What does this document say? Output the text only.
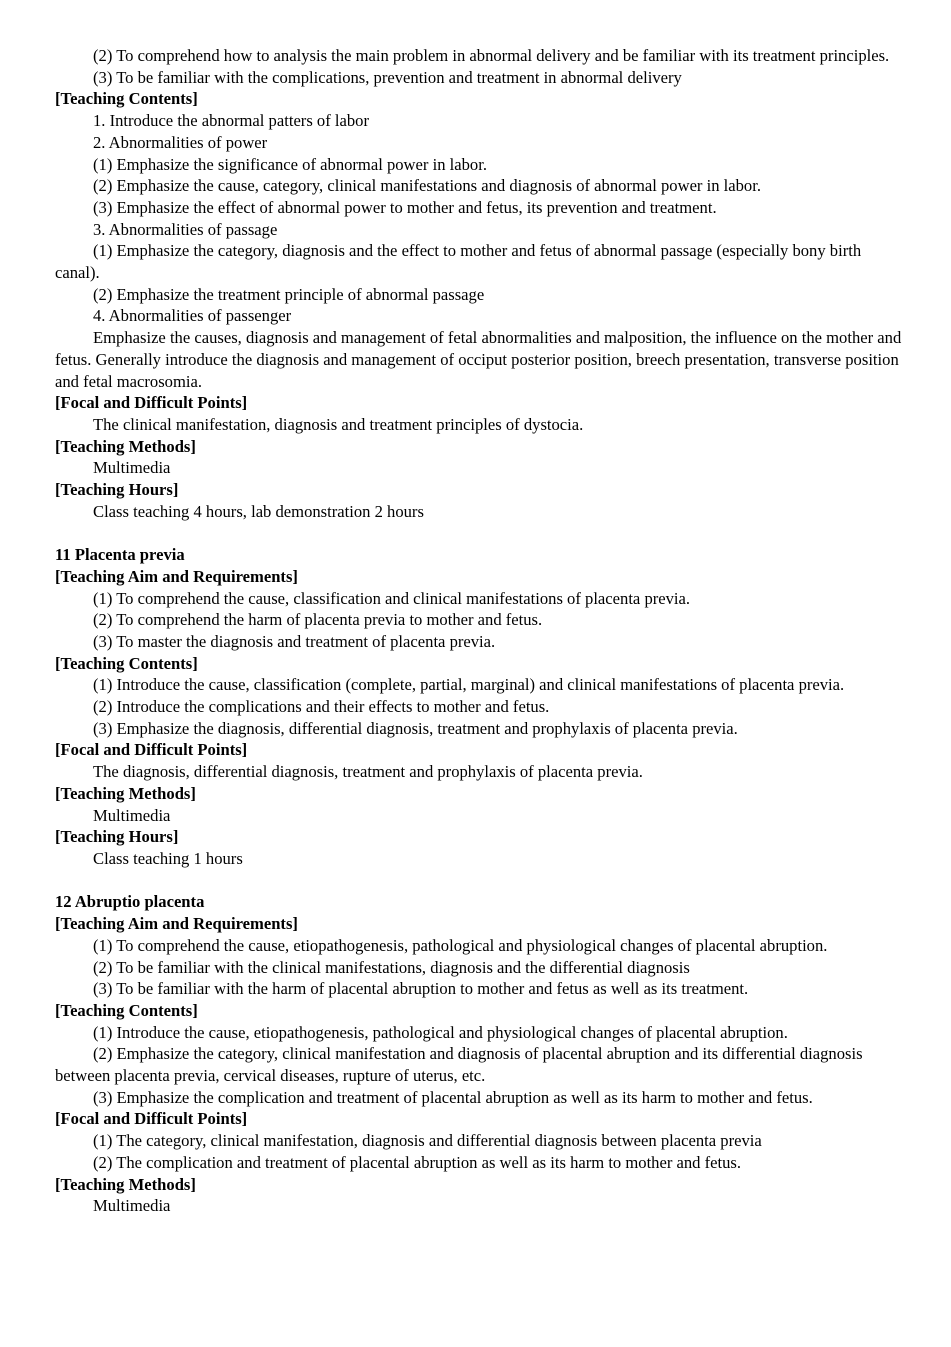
(2) To comprehend how to analysis the main problem in abnormal delivery and be familiar with its treatment principles.

(3) To be familiar with the complications, prevention and treatment in abnormal delivery

[Teaching Contents]

1. Introduce the abnormal patters of labor

2. Abnormalities of power

(1) Emphasize the significance of abnormal power in labor.

(2) Emphasize the cause, category, clinical manifestations and diagnosis of abnormal power in labor.

(3) Emphasize the effect of abnormal power to mother and fetus, its prevention and treatment.

3. Abnormalities of passage

(1) Emphasize the category, diagnosis and the effect to mother and fetus of abnormal passage (especially bony birth canal).

(2) Emphasize the treatment principle of abnormal passage

4. Abnormalities of passenger

Emphasize the causes, diagnosis and management of fetal abnormalities and malposition, the influence on the mother and fetus. Generally introduce the diagnosis and management of occiput posterior position, breech presentation, transverse position and fetal macrosomia.

[Focal and Difficult Points]

The clinical manifestation, diagnosis and treatment principles of dystocia.

[Teaching Methods]

Multimedia

[Teaching Hours]

Class teaching 4 hours, lab demonstration 2 hours

11 Placenta previa

[Teaching Aim and Requirements]

(1) To comprehend the cause, classification and clinical manifestations of placenta previa.

(2) To comprehend the harm of placenta previa to mother and fetus.

(3) To master the diagnosis and treatment of placenta previa.

[Teaching Contents]

(1) Introduce the cause, classification (complete, partial, marginal) and clinical manifestations of placenta previa.

(2) Introduce the complications and their effects to mother and fetus.

(3) Emphasize the diagnosis, differential diagnosis, treatment and prophylaxis of placenta previa.

[Focal and Difficult Points]

The diagnosis, differential diagnosis, treatment and prophylaxis of placenta previa.

[Teaching Methods]

Multimedia

[Teaching Hours]

Class teaching 1 hours

12 Abruptio placenta

[Teaching Aim and Requirements]

(1) To comprehend the cause, etiopathogenesis, pathological and physiological changes of placental abruption.

(2) To be familiar with the clinical manifestations, diagnosis and the differential diagnosis

(3) To be familiar with the harm of placental abruption to mother and fetus as well as its treatment.

[Teaching Contents]

(1) Introduce the cause, etiopathogenesis, pathological and physiological changes of placental abruption.

(2) Emphasize the category, clinical manifestation and diagnosis of placental abruption and its differential diagnosis between placenta previa, cervical diseases, rupture of uterus, etc.

(3) Emphasize the complication and treatment of placental abruption as well as its harm to mother and fetus.

[Focal and Difficult Points]

(1) The category, clinical manifestation, diagnosis and differential diagnosis between placenta previa

(2) The complication and treatment of placental abruption as well as its harm to mother and fetus.

[Teaching Methods]

Multimedia
